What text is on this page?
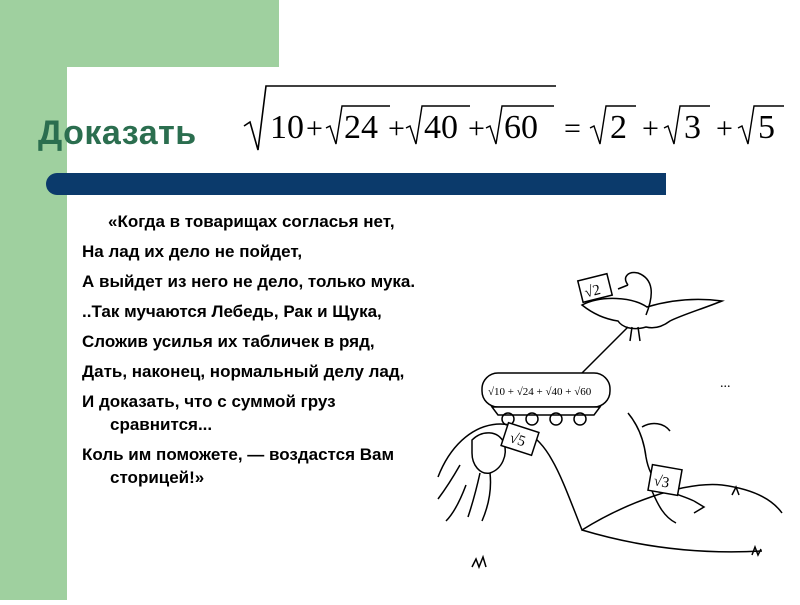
Доказать 10 + 24 + 40 + 60 = 2 + 3 + 5

«Когда в товарищах согласья нет,

На лад их дело не пойдет,

А выйдет из него не дело, только мука.

..Так мучаются Лебедь, Рак и Щука,

Сложив усилья их табличек в ряд,

Дать, наконец, нормальный делу лад,

И доказать, что с суммой груз сравнится...

Коль им поможете, — воздастся Вам сторицей!»

√2
√10 + √24 + √40 + √60
√5
√3
...
